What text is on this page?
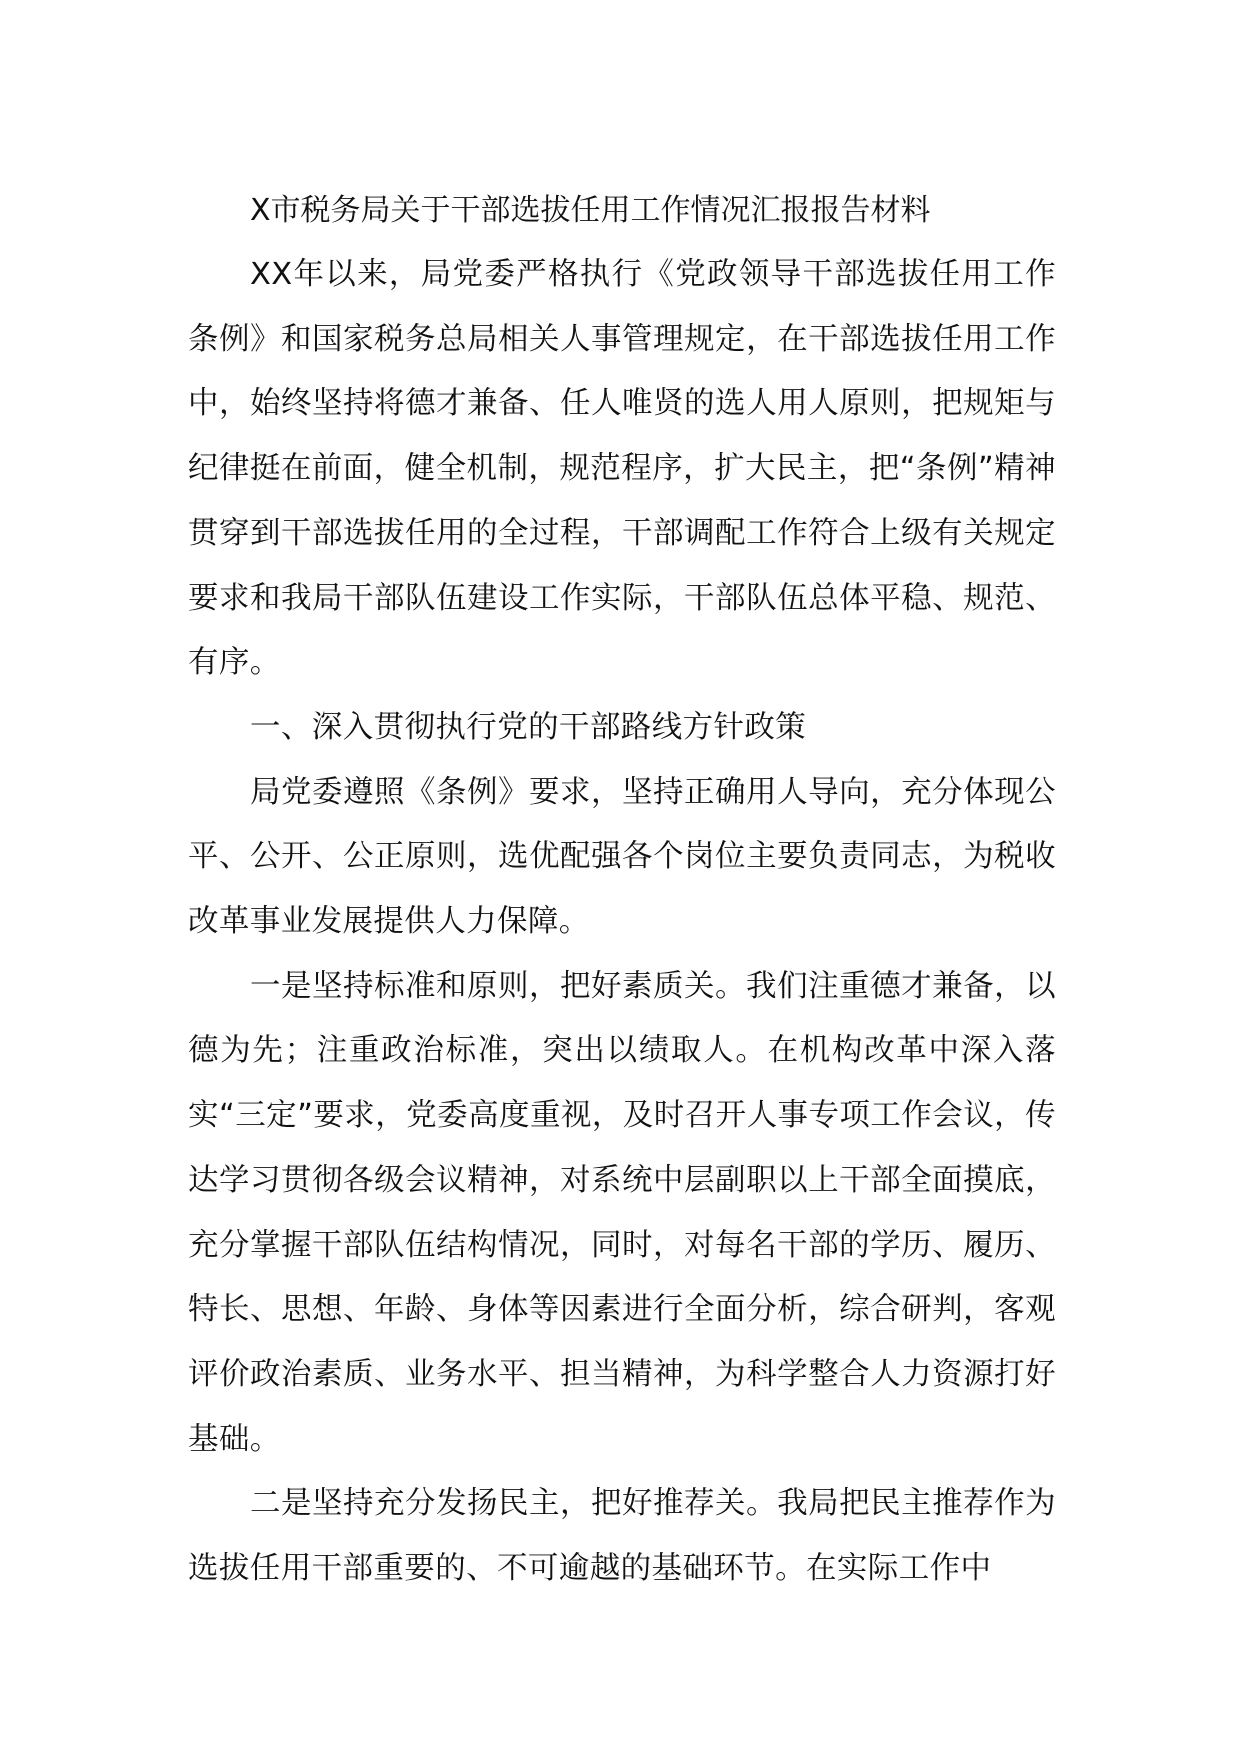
X市税务局关于干部选拔任用工作情况汇报报告材料

XX年以来，局党委严格执行《党政领导干部选拔任用工作条例》和国家税务总局相关人事管理规定，在干部选拔任用工作中，始终坚持将德才兼备、任人唯贤的选人用人原则，把规矩与纪律挺在前面，健全机制，规范程序，扩大民主，把“条例”精神贯穿到干部选拔任用的全过程，干部调配工作符合上级有关规定要求和我局干部队伍建设工作实际，干部队伍总体平稳、规范、有序。

一、深入贯彻执行党的干部路线方针政策

局党委遵照《条例》要求，坚持正确用人导向，充分体现公平、公开、公正原则，选优配强各个岗位主要负责同志，为税收改革事业发展提供人力保障。

一是坚持标准和原则，把好素质关。我们注重德才兼备，以德为先；注重政治标准，突出以绩取人。在机构改革中深入落实“三定”要求，党委高度重视，及时召开人事专项工作会议，传达学习贯彻各级会议精神，对系统中层副职以上干部全面摸底，充分掌握干部队伍结构情况，同时，对每名干部的学历、履历、特长、思想、年龄、身体等因素进行全面分析，综合研判，客观评价政治素质、业务水平、担当精神，为科学整合人力资源打好基础。

二是坚持充分发扬民主，把好推荐关。我局把民主推荐作为选拔任用干部重要的、不可逾越的基础环节。在实际工作中
